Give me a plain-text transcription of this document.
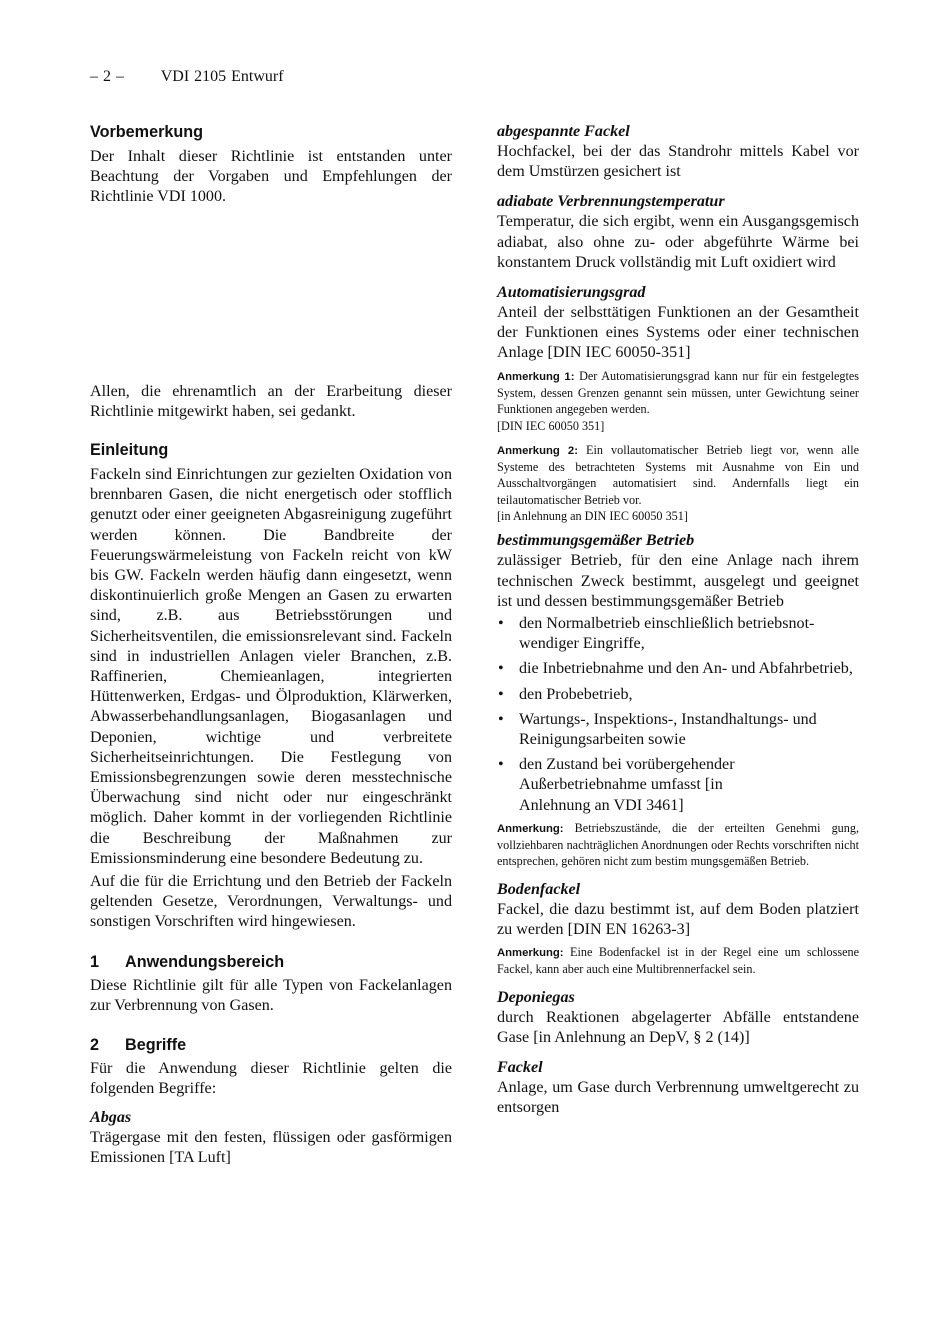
– 2 – VDI 2105 Entwurf
Vorbemerkung

Der Inhalt dieser Richtlinie ist entstanden unter Beachtung der Vorgaben und Empfehlungen der Richtlinie VDI 1000.

Allen, die ehrenamtlich an der Erarbeitung dieser Richtlinie mitgewirkt haben, sei gedankt.

Einleitung

Fackeln sind Einrichtungen zur gezielten Oxidation von brennbaren Gasen, die nicht energetisch oder stofflich genutzt oder einer geeigneten Abgasreinigung zugeführt werden können. Die Bandbreite der Feuerungswärmeleistung von Fackeln reicht von kW bis GW. Fackeln werden häufig dann eingesetzt, wenn diskontinuierlich große Mengen an Gasen zu erwarten sind, z.B. aus Betriebsstörungen und Sicherheitsventilen, die emissionsrelevant sind. Fackeln sind in industriellen Anlagen vieler Branchen, z.B. Raffinerien, Chemieanlagen, integrierten Hüttenwerken, Erdgas- und Ölproduktion, Klärwerken, Abwasserbehandlungsanlagen, Biogasanlagen und Deponien, wichtige und verbreitete Sicherheitseinrichtungen. Die Festlegung von Emissionsbegrenzungen sowie deren messtechnische Überwachung sind nicht oder nur eingeschränkt möglich. Daher kommt in der vorliegenden Richtlinie die Beschreibung der Maßnahmen zur Emissionsminderung eine besondere Bedeutung zu.

Auf die für die Errichtung und den Betrieb der Fackeln geltenden Gesetze, Verordnungen, Verwaltungs- und sonstigen Vorschriften wird hingewiesen.

1 Anwendungsbereich

Diese Richtlinie gilt für alle Typen von Fackelanlagen zur Verbrennung von Gasen.

2 Begriffe

Für die Anwendung dieser Richtlinie gelten die folgenden Begriffe:

Abgas

Trägergase mit den festen, flüssigen oder gasförmigen Emissionen [TA Luft]

abgespannte Fackel

Hochfackel, bei der das Standrohr mittels Kabel vor dem Umstürzen gesichert ist

adiabate Verbrennungstemperatur

Temperatur, die sich ergibt, wenn ein Ausgangsgemisch adiabat, also ohne zu- oder abgeführte Wärme bei konstantem Druck vollständig mit Luft oxidiert wird

Automatisierungsgrad

Anteil der selbsttätigen Funktionen an der Gesamtheit der Funktionen eines Systems oder einer technischen Anlage [DIN IEC 60050-351]

Anmerkung 1: Der Automatisierungsgrad kann nur für ein festgelegtes System, dessen Grenzen genannt sein müssen, unter Gewichtung seiner Funktionen angegeben werden.
[DIN IEC 60050 351]

Anmerkung 2: Ein vollautomatischer Betrieb liegt vor, wenn alle Systeme des betrachteten Systems mit Ausnahme von Ein und Ausschaltvorgängen automatisiert sind. Andernfalls liegt ein teilautomatischer Betrieb vor.
[in Anlehnung an DIN IEC 60050 351]

bestimmungsgemäßer Betrieb

zulässiger Betrieb, für den eine Anlage nach ihrem technischen Zweck bestimmt, ausgelegt und geeignet ist und dessen bestimmungsgemäßer Betrieb

• den Normalbetrieb einschließlich betriebsnotwendiger Eingriffe,
• die Inbetriebnahme und den An- und Abfahrbetrieb,
• den Probebetrieb,
• Wartungs-, Inspektions-, Instandhaltungs- und Reinigungsarbeiten sowie
• den Zustand bei vorübergehender Außerbetriebnahme umfasst [in Anlehnung an VDI 3461]

Anmerkung: Betriebszustände, die der erteilten Genehmi gung, vollziehbaren nachträglichen Anordnungen oder Rechts vorschriften nicht entsprechen, gehören nicht zum bestim mungsgemäßen Betrieb.

Bodenfackel

Fackel, die dazu bestimmt ist, auf dem Boden platziert zu werden [DIN EN 16263-3]

Anmerkung: Eine Bodenfackel ist in der Regel eine um schlossene Fackel, kann aber auch eine Multibrennerfackel sein.

Deponiegas

durch Reaktionen abgelagerter Abfälle entstandene Gase [in Anlehnung an DepV, § 2 (14)]

Fackel

Anlage, um Gase durch Verbrennung umweltgerecht zu entsorgen
